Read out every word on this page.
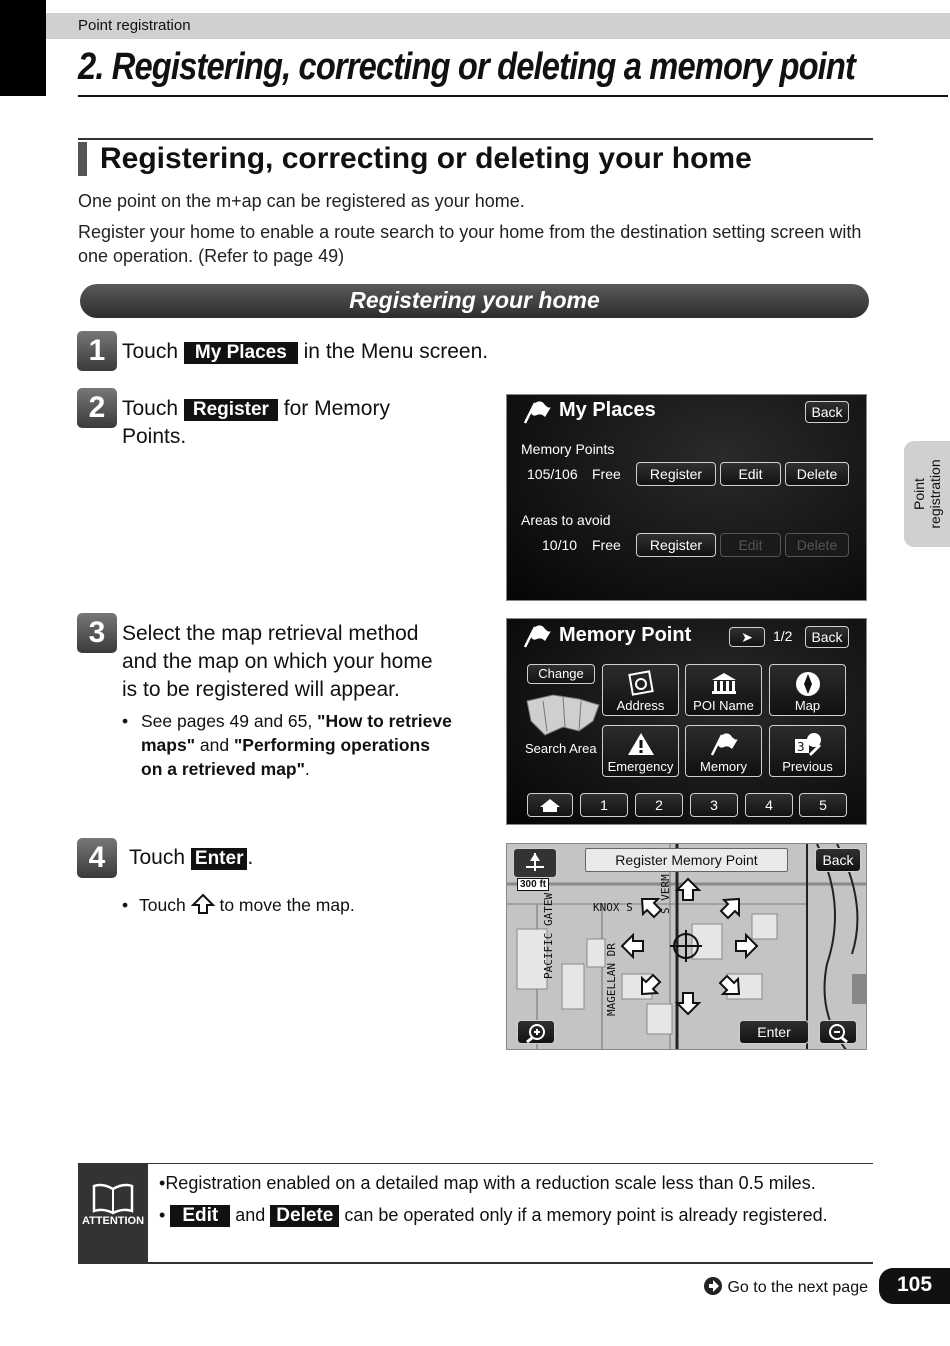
Point registration
2. Registering, correcting or deleting a memory point
Registering, correcting or deleting your home
One point on the m+ap can be registered as your home.
Register your home to enable a route search to your home from the destination setting screen with one operation. (Refer to page 49)
Registering your home
1 Touch My Places in the Menu screen.
2 Touch Register for Memory
Points.
My Places	Back
Memory Points
105/106 Free	Register	Edit	Delete
Areas to avoid
10/10 Free	Register	Edit	Delete
3 Select the map retrieval method
and the map on which your home
is to be registered will appear.
• See pages 49 and 65, "How to retrieve maps" and "Performing operations on a retrieved map".
Memory Point	➤	1/2	Back
Change
Search Area
Address	POI Name	Map
Emergency	Memory
3
Previous
1	2	3	4	5
4	Touch Enter .
• Touch to move the map.	KNOX S S VERM
PACIFIC GATEW
MAGELLAN DR
300 ft
Register Memory Point	Back
Enter
Point
registration
ATTENTION
•Registration enabled on a detailed map with a reduction scale less than 0.5 miles.
• Edit and Delete can be operated only if a memory point is already registered.
Go to the next page	105
